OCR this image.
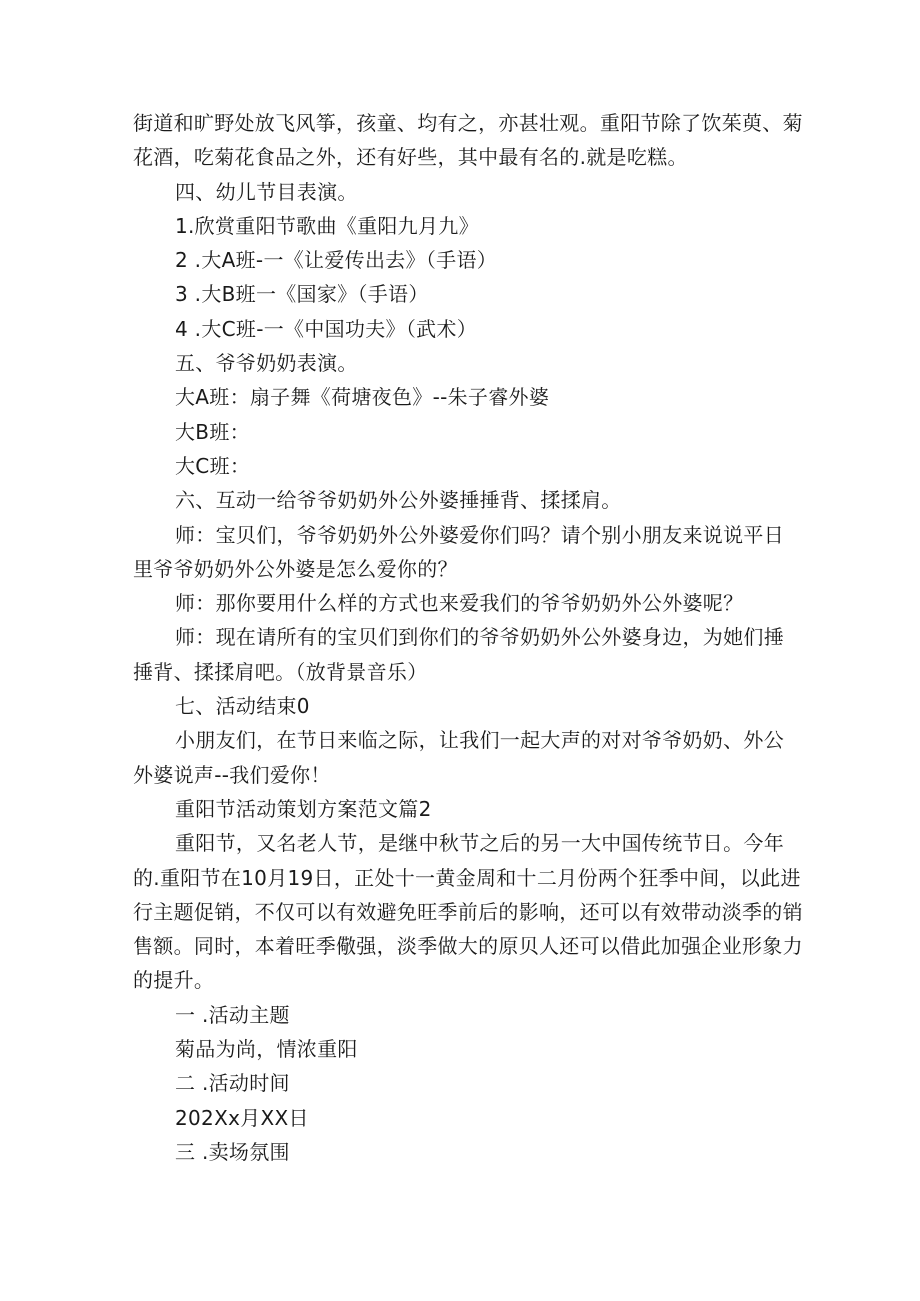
街道和旷野处放飞风筝，孩童、均有之，亦甚壮观。重阳节除了饮茱萸、菊

花酒，吃菊花食品之外，还有好些，其中最有名的.就是吃糕。

四、幼儿节目表演。

1.欣赏重阳节歌曲《重阳九月九》

2 .大A班-一《让爱传出去》（手语）

3 .大B班一《国家》（手语）

4 .大C班-一《中国功夫》（武术）

五、爷爷奶奶表演。

大A班：扇子舞《荷塘夜色》--朱子睿外婆

大B班：

大C班：

六、互动一给爷爷奶奶外公外婆捶捶背、揉揉肩。

师：宝贝们，爷爷奶奶外公外婆爱你们吗？请个别小朋友来说说平日

里爷爷奶奶外公外婆是怎么爱你的？

师：那你要用什么样的方式也来爱我们的爷爷奶奶外公外婆呢？

师：现在请所有的宝贝们到你们的爷爷奶奶外公外婆身边，为她们捶

捶背、揉揉肩吧。（放背景音乐）

七、活动结束0

小朋友们，在节日来临之际，让我们一起大声的对对爷爷奶奶、外公

外婆说声--我们爱你！

重阳节活动策划方案范文篇2

重阳节，又名老人节，是继中秋节之后的另一大中国传统节日。今年

的.重阳节在10月19日，正处十一黄金周和十二月份两个狂季中间，以此进

行主题促销，不仅可以有效避免旺季前后的影响，还可以有效带动淡季的销

售额。同时，本着旺季儆强，淡季做大的原贝人还可以借此加强企业形象力

的提升。

一 .活动主题

菊品为尚，情浓重阳

二 .活动时间

202Xx月XX日

三 .卖场氛围
